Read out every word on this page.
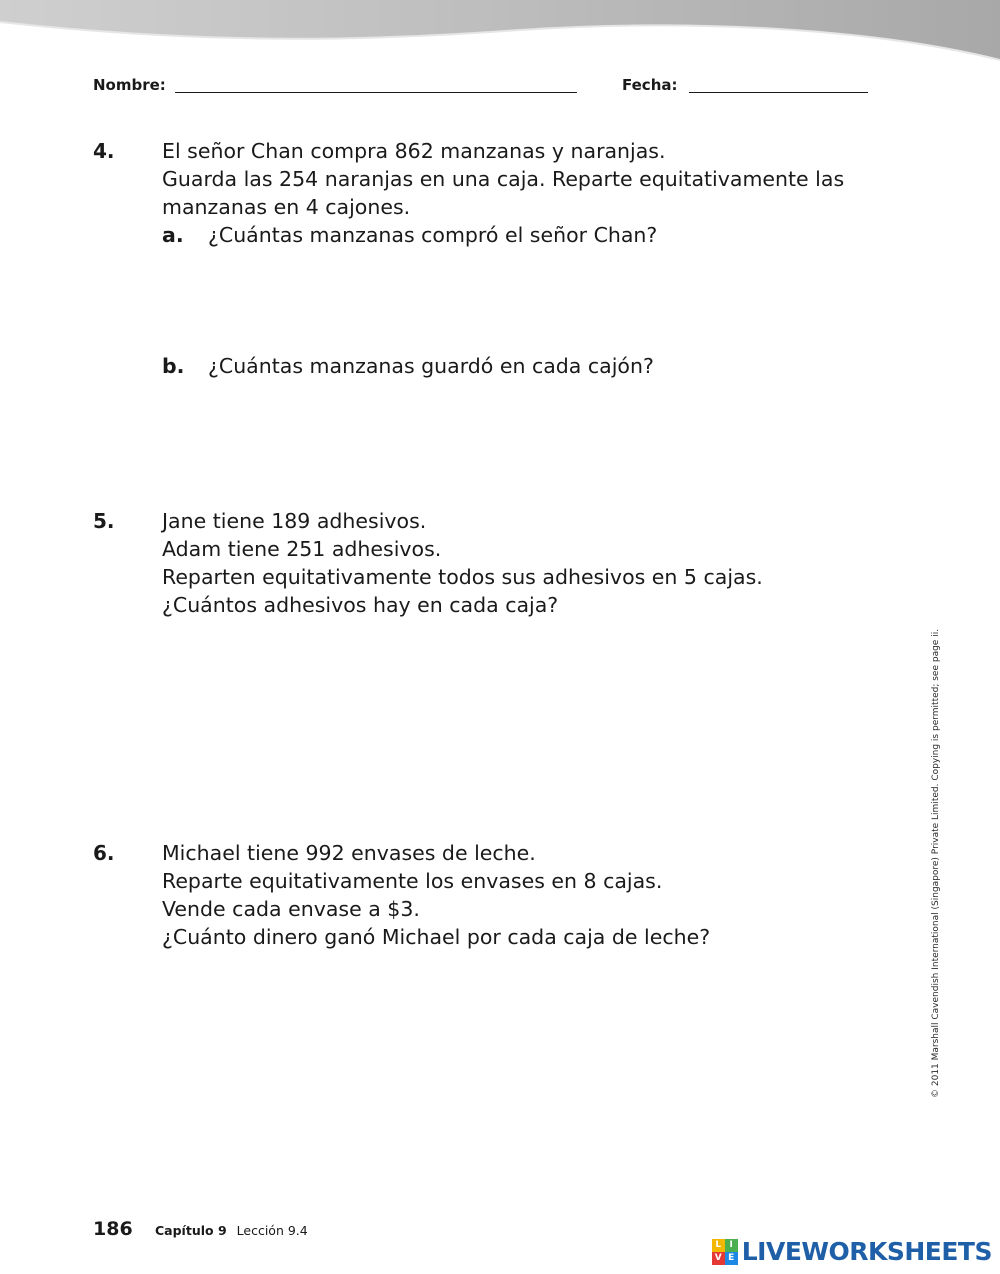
Nombre:	Fecha:
4. El señor Chan compra 862 manzanas y naranjas.
Guarda las 254 naranjas en una caja. Reparte equitativamente las
manzanas en 4 cajones.
a. ¿Cuántas manzanas compró el señor Chan?
b. ¿Cuántas manzanas guardó en cada cajón?
5. Jane tiene 189 adhesivos.
Adam tiene 251 adhesivos.
Reparten equitativamente todos sus adhesivos en 5 cajas.
¿Cuántos adhesivos hay en cada caja?
6. Michael tiene 992 envases de leche.
Reparte equitativamente los envases en 8 cajas.
Vende cada envase a $3.
¿Cuánto dinero ganó Michael por cada caja de leche?	© 2011 Marshall Cavendish International (Singapore) Private Limited. Copying is permitted; see page ii.
186 Capítulo 9 Lección 9.4
L I
V E LIVEWORKSHEETS
